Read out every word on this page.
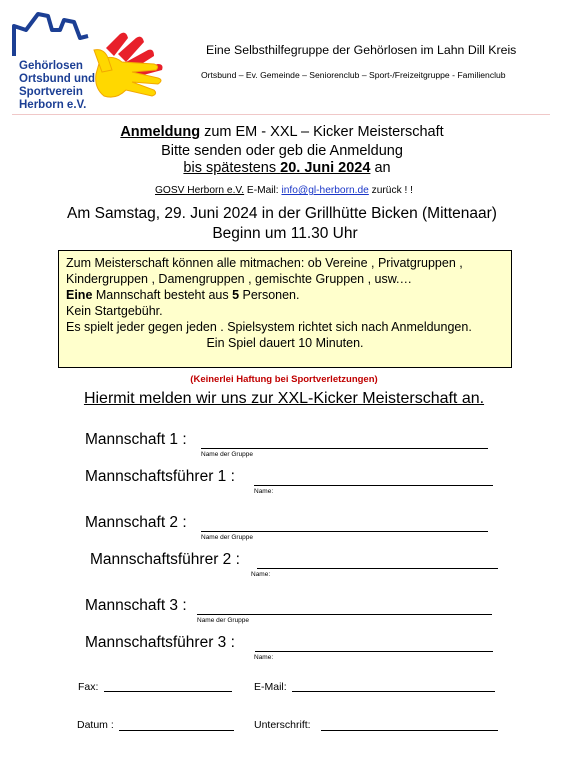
Gehörlosen
Ortsbund und
Sportverein
Herborn e.V.
Eine Selbsthilfegruppe der Gehörlosen im Lahn Dill Kreis
Ortsbund – Ev. Gemeinde – Seniorenclub – Sport-/Freizeitgruppe - Familienclub
Anmeldung zum EM - XXL – Kicker Meisterschaft
Bitte senden oder geb die Anmeldung
bis spätestens 20. Juni 2024 an
GOSV Herborn e.V. E-Mail: info@gl-herborn.de zurück ! !
Am Samstag, 29. Juni 2024 in der Grillhütte Bicken (Mittenaar)
Beginn um 11.30 Uhr

Zum Meisterschaft können alle mitmachen: ob Vereine , Privatgruppen ,

Kindergruppen , Damengruppen , gemischte Gruppen , usw.…

Eine Mannschaft besteht aus 5 Personen.

Kein Startgebühr.

Es spielt jeder gegen jeden . Spielsystem richtet sich nach Anmeldungen.

Ein Spiel dauert 10 Minuten.

(Keinerlei Haftung bei Sportverletzungen)
Hiermit melden wir uns zur XXL-Kicker Meisterschaft an.
Mannschaft 1 :
Name der Gruppe
Mannschaftsführer 1 :
Name:
Mannschaft 2 :
Name der Gruppe
Mannschaftsführer 2 :
Name:
Mannschaft 3 :
Name der Gruppe
Mannschaftsführer 3 :
Name:
Fax:	E-Mail:
Datum :	Unterschrift:
